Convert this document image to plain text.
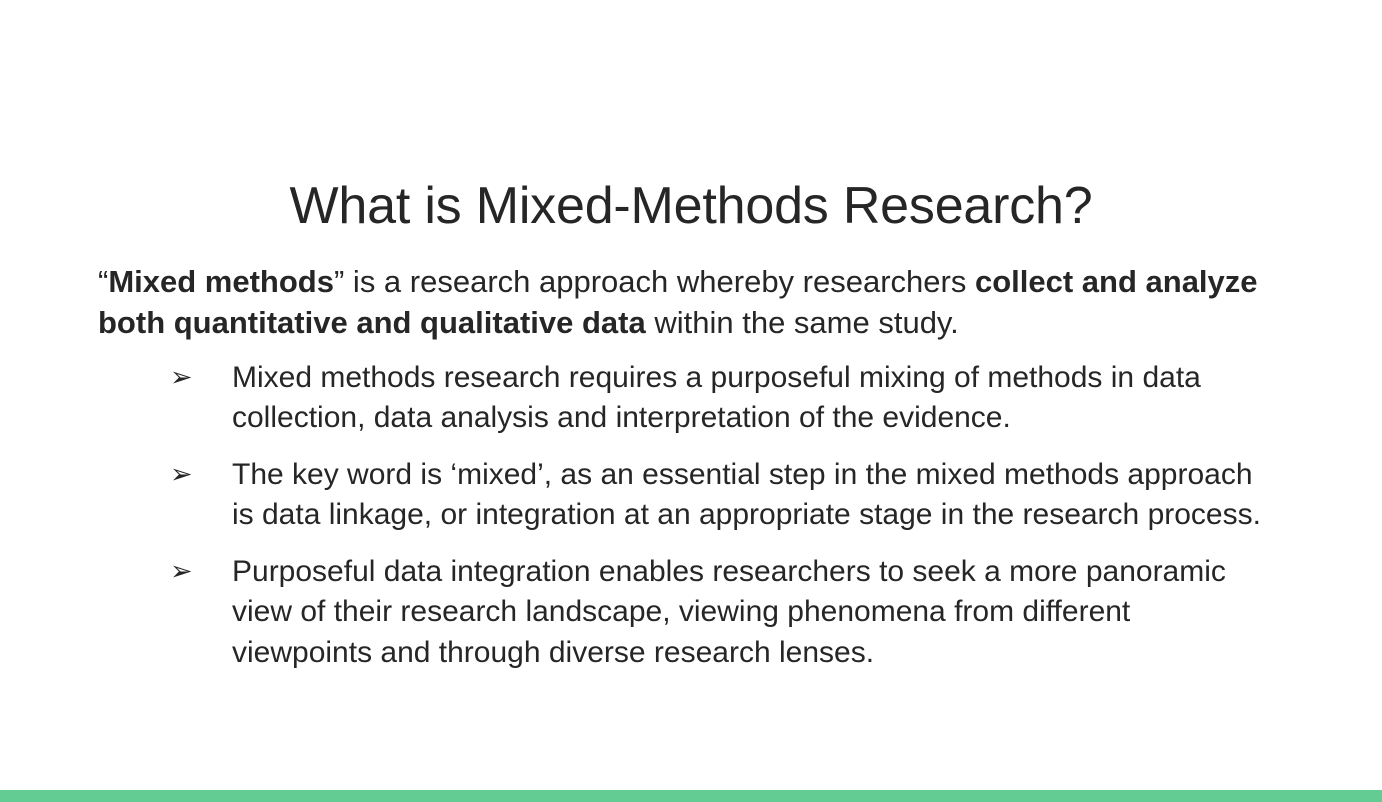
What is Mixed-Methods Research?

“Mixed methods” is a research approach whereby researchers collect and analyze both quantitative and qualitative data within the same study.

➢	Mixed methods research requires a purposeful mixing of methods in data collection, data analysis and interpretation of the evidence.
➢	The key word is ‘mixed’, as an essential step in the mixed methods approach is data linkage, or integration at an appropriate stage in the research process.
➢	Purposeful data integration enables researchers to seek a more panoramic view of their research landscape, viewing phenomena from different viewpoints and through diverse research lenses.
